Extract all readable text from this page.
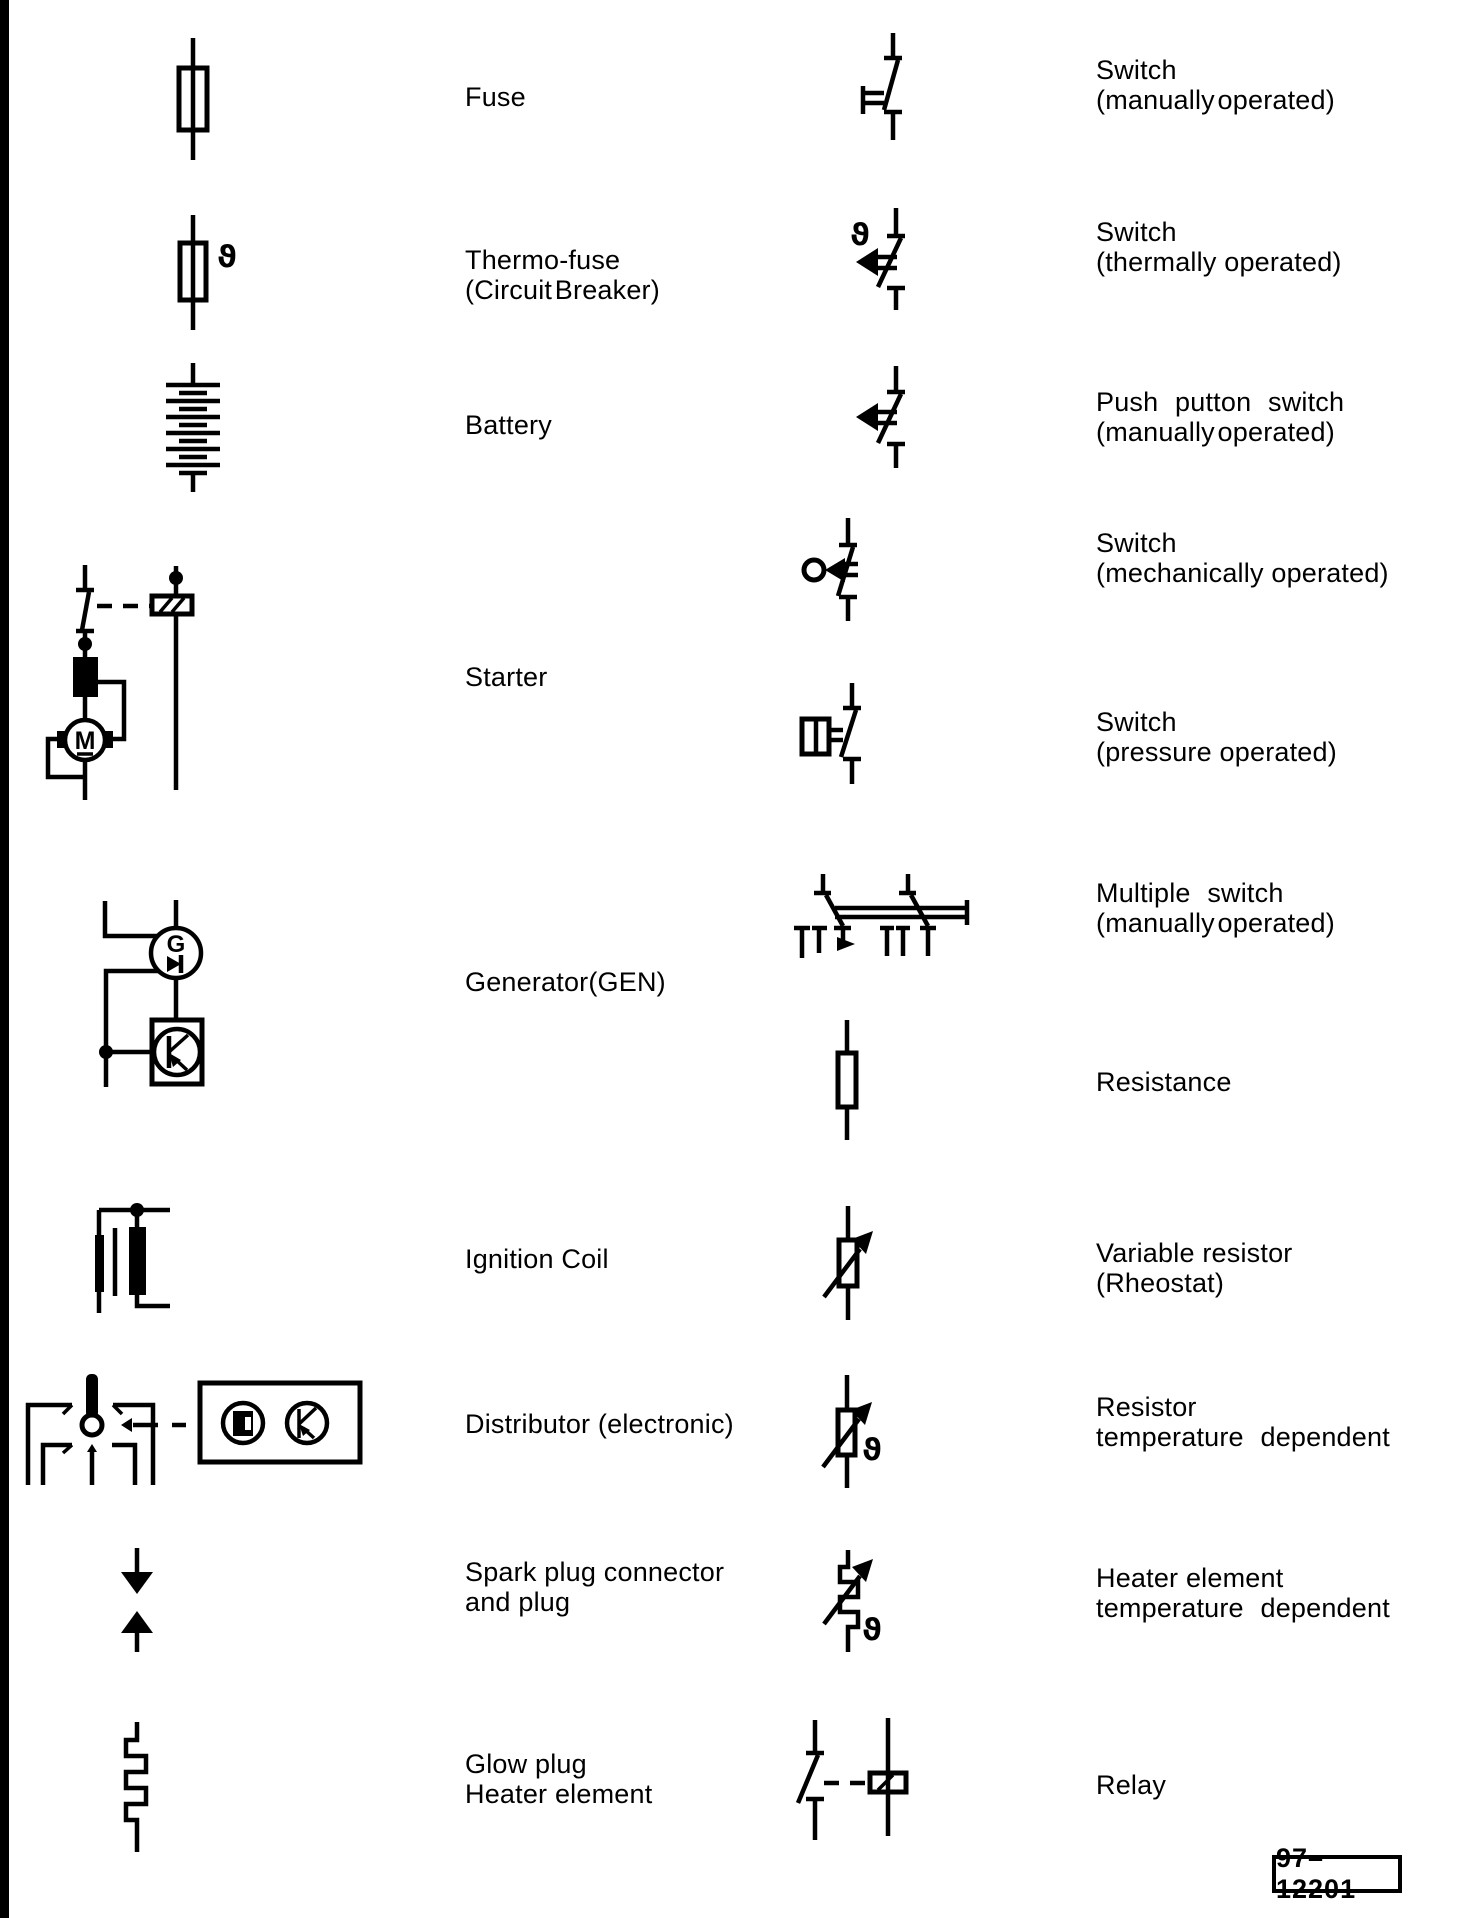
ϑ
M
G
ϑ
ϑ
ϑ
Fuse
Thermo-fuse
(Circuit Breaker)
Battery
Starter
Generator(GEN)
Ignition Coil
Distributor (electronic)
Spark plug connector
and plug
Glow plug
Heater element
Switch
(manually operated)
Switch
(thermally operated)
Push putton switch
(manually operated)
Switch
(mechanically operated)
Switch
(pressure operated)
Multiple switch
(manually operated)
Resistance
Variable resistor
(Rheostat)
Resistor
temperature dependent
Heater element
temperature dependent
Relay
97–12201
